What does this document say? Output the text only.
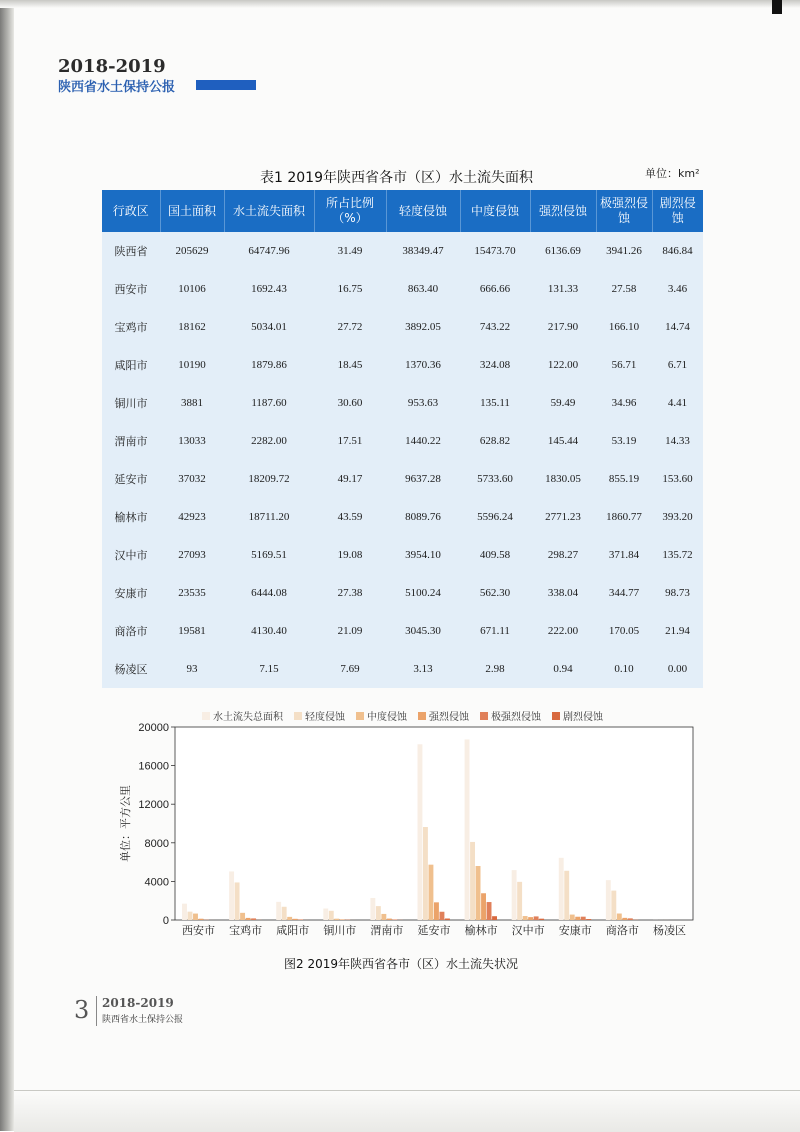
2018-2019
陕西省水土保持公报
表1 2019年陕西省各市（区）水土流失面积	单位：km²
行政区	国土面积	水土流失面积	所占比例（%）	轻度侵蚀	中度侵蚀	强烈侵蚀	极强烈侵蚀	剧烈侵蚀
陕西省	205629	64747.96	31.49	38349.47	15473.70	6136.69	3941.26	846.84
西安市	10106	1692.43	16.75	863.40	666.66	131.33	27.58	3.46
宝鸡市	18162	5034.01	27.72	3892.05	743.22	217.90	166.10	14.74
咸阳市	10190	1879.86	18.45	1370.36	324.08	122.00	56.71	6.71
铜川市	3881	1187.60	30.60	953.63	135.11	59.49	34.96	4.41
渭南市	13033	2282.00	17.51	1440.22	628.82	145.44	53.19	14.33
延安市	37032	18209.72	49.17	9637.28	5733.60	1830.05	855.19	153.60
榆林市	42923	18711.20	43.59	8089.76	5596.24	2771.23	1860.77	393.20
汉中市	27093	5169.51	19.08	3954.10	409.58	298.27	371.84	135.72
安康市	23535	6444.08	27.38	5100.24	562.30	338.04	344.77	98.73
商洛市	19581	4130.40	21.09	3045.30	671.11	222.00	170.05	21.94
杨凌区	93	7.15	7.69	3.13	2.98	0.94	0.10	0.00
0
4000
8000
12000
16000
20000
单位：平方公里
水土流失总面积 轻度侵蚀 中度侵蚀 强烈侵蚀 极强烈侵蚀 剧烈侵蚀
西安市 宝鸡市 咸阳市 铜川市 渭南市 延安市 榆林市 汉中市 安康市 商洛市 杨凌区
图2 2019年陕西省各市（区）水土流失状况
3 2018-2019
陕西省水土保持公报
